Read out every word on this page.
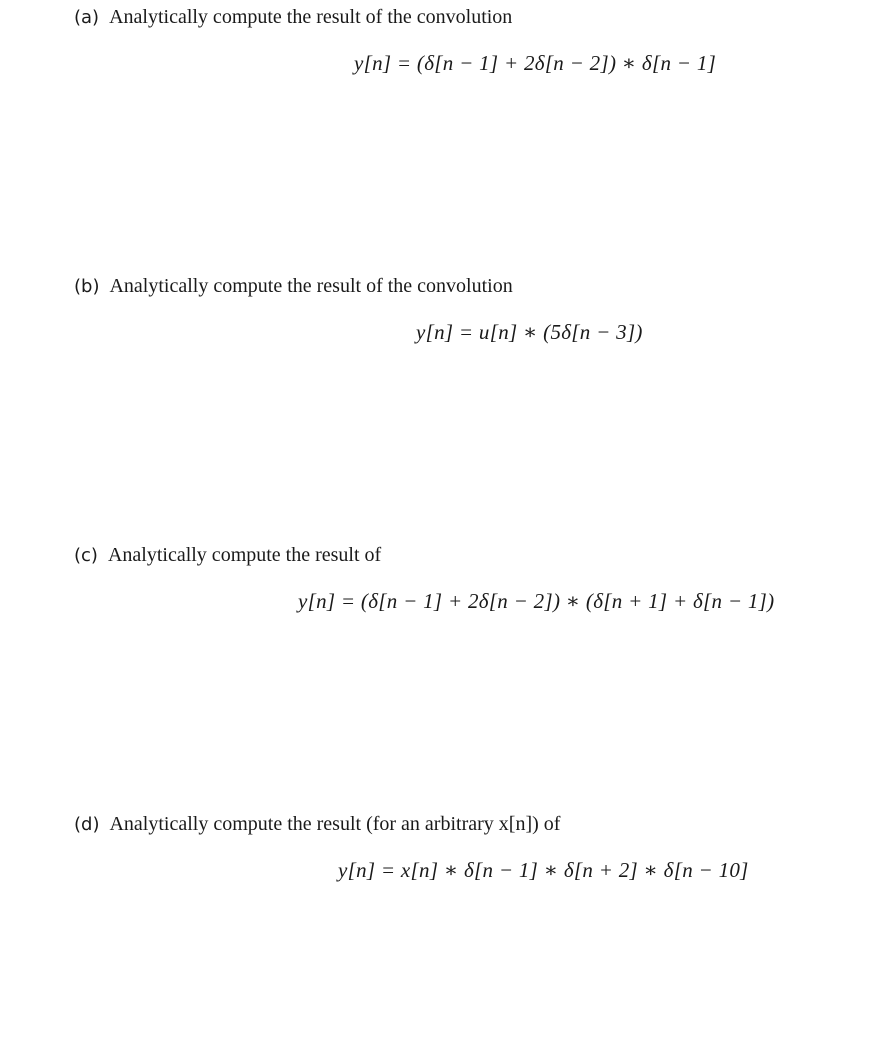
(a) Analytically compute the result of the convolution
y[n] = (δ[n − 1] + 2δ[n − 2]) ∗ δ[n − 1]
(b) Analytically compute the result of the convolution
y[n] = u[n] ∗ (5δ[n − 3])
(c) Analytically compute the result of
y[n] = (δ[n − 1] + 2δ[n − 2]) ∗ (δ[n + 1] + δ[n − 1])
(d) Analytically compute the result (for an arbitrary x[n]) of
y[n] = x[n] ∗ δ[n − 1] ∗ δ[n + 2] ∗ δ[n − 10]
